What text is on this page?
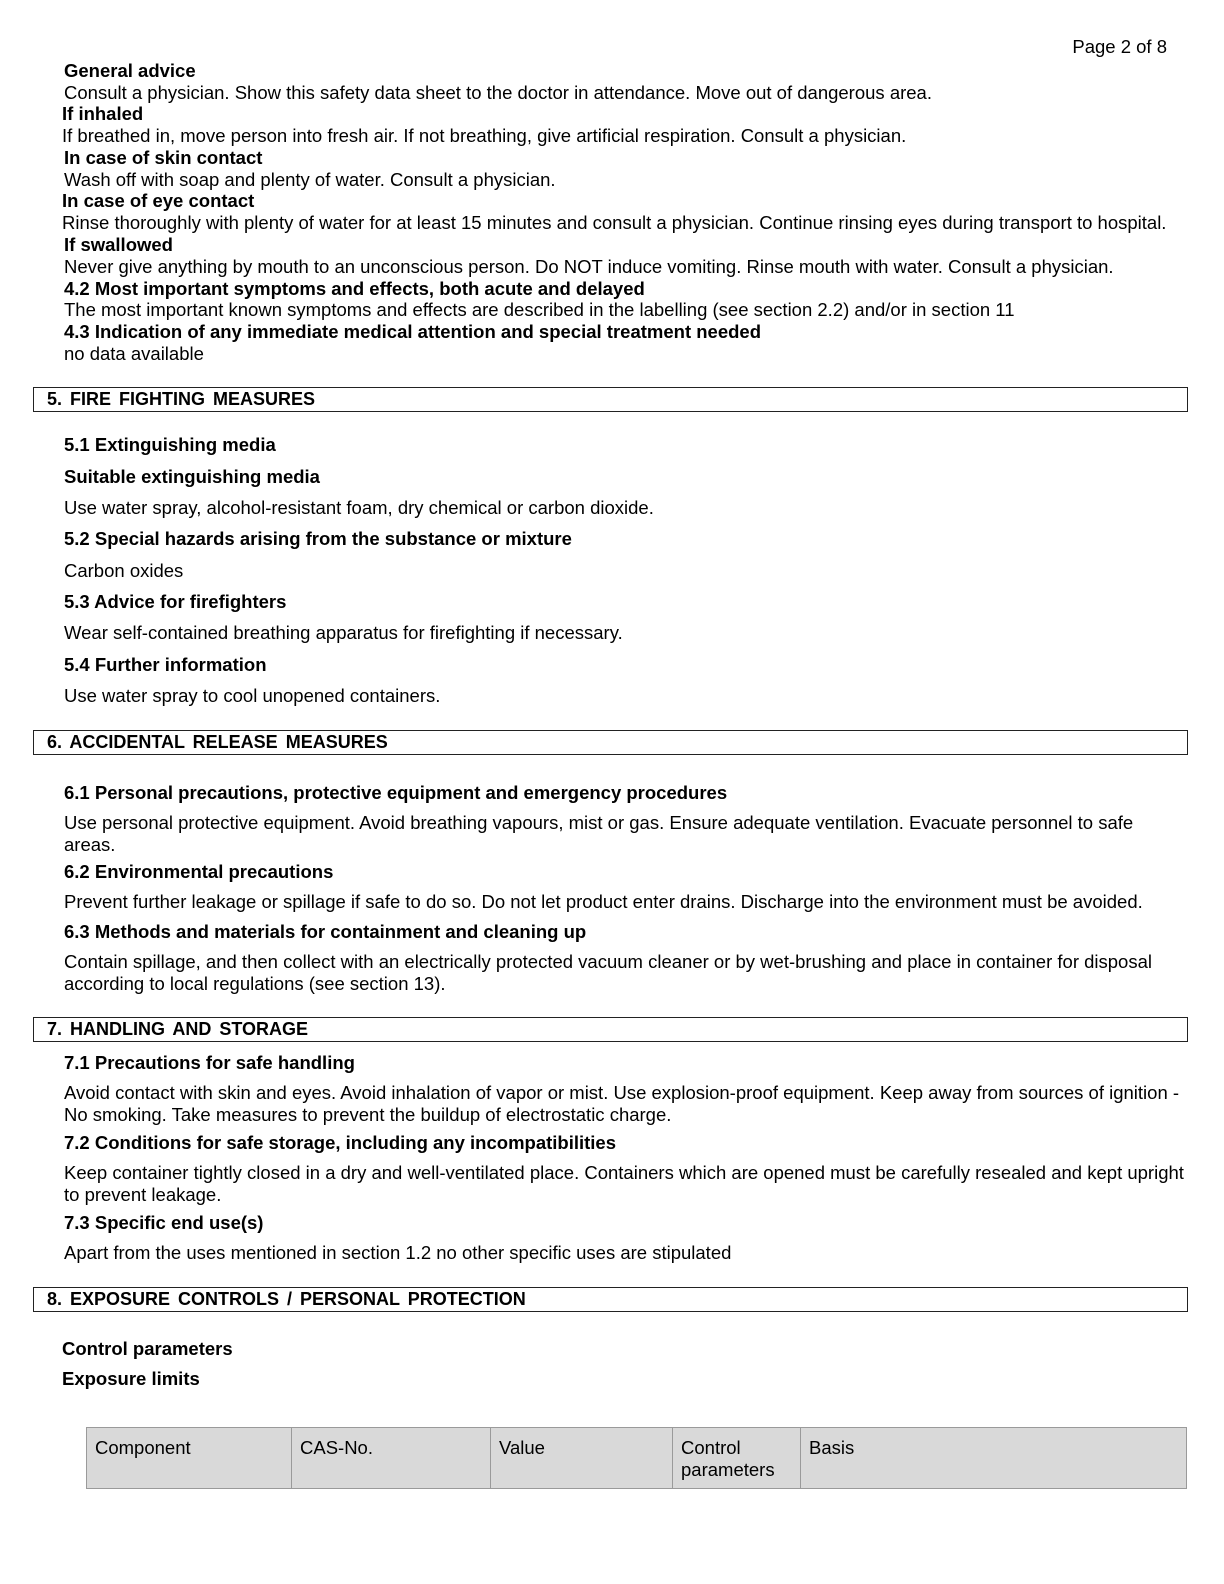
Page 2 of 8
General advice
Consult a physician. Show this safety data sheet to the doctor in attendance. Move out of dangerous area.
If inhaled
If breathed in, move person into fresh air. If not breathing, give artificial respiration. Consult a physician.
In case of skin contact
Wash off with soap and plenty of water. Consult a physician.
In case of eye contact
Rinse thoroughly with plenty of water for at least 15 minutes and consult a physician. Continue rinsing eyes during transport to hospital.
If swallowed
Never give anything by mouth to an unconscious person. Do NOT induce vomiting. Rinse mouth with water. Consult a physician.
4.2 Most important symptoms and effects, both acute and delayed
The most important known symptoms and effects are described in the labelling (see section 2.2) and/or in section 11
4.3 Indication of any immediate medical attention and special treatment needed
no data available
5. FIRE FIGHTING MEASURES
5.1 Extinguishing media
Suitable extinguishing media
Use water spray, alcohol-resistant foam, dry chemical or carbon dioxide.
5.2 Special hazards arising from the substance or mixture
Carbon oxides
5.3 Advice for firefighters
Wear self-contained breathing apparatus for firefighting if necessary.
5.4 Further information
Use water spray to cool unopened containers.
6. ACCIDENTAL RELEASE MEASURES
6.1 Personal precautions, protective equipment and emergency procedures
Use personal protective equipment. Avoid breathing vapours, mist or gas. Ensure adequate ventilation. Evacuate personnel to safe areas.
6.2 Environmental precautions
Prevent further leakage or spillage if safe to do so. Do not let product enter drains. Discharge into the environment must be avoided.
6.3 Methods and materials for containment and cleaning up
Contain spillage, and then collect with an electrically protected vacuum cleaner or by wet-brushing and place in container for disposal according to local regulations (see section 13).
7. HANDLING AND STORAGE
7.1 Precautions for safe handling
Avoid contact with skin and eyes. Avoid inhalation of vapor or mist. Use explosion-proof equipment. Keep away from sources of ignition - No smoking. Take measures to prevent the buildup of electrostatic charge.
7.2 Conditions for safe storage, including any incompatibilities
Keep container tightly closed in a dry and well-ventilated place. Containers which are opened must be carefully resealed and kept upright to prevent leakage.
7.3 Specific end use(s)
Apart from the uses mentioned in section 1.2 no other specific uses are stipulated
8. EXPOSURE CONTROLS / PERSONAL PROTECTION
Control parameters
Exposure limits
Component	CAS-No.	Value	Control parameters	Basis
